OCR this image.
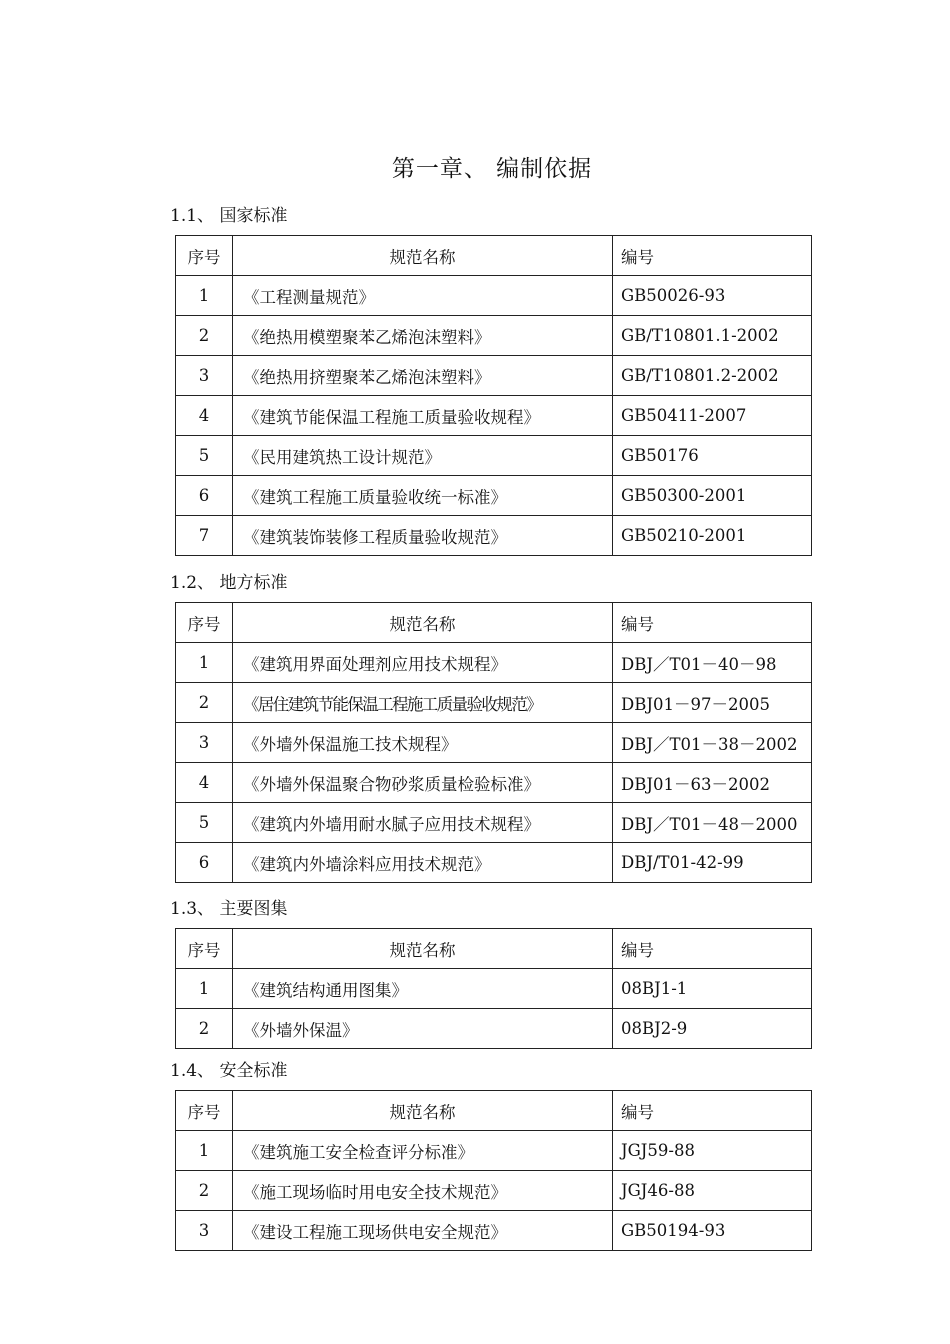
第一章、 编制依据
1.1、 国家标准
序号	规范名称	编号
1	《工程测量规范》	GB50026-93
2	《绝热用模塑聚苯乙烯泡沫塑料》	GB/T10801.1-2002
3	《绝热用挤塑聚苯乙烯泡沫塑料》	GB/T10801.2-2002
4	《建筑节能保温工程施工质量验收规程》	GB50411-2007
5	《民用建筑热工设计规范》	GB50176
6	《建筑工程施工质量验收统一标准》	GB50300-2001
7	《建筑装饰装修工程质量验收规范》	GB50210-2001
1.2、 地方标准
序号	规范名称	编号
1	《建筑用界面处理剂应用技术规程》	DBJ／T01－40－98
2	《居住建筑节能保温工程施工质量验收规范》	DBJ01－97－2005
3	《外墙外保温施工技术规程》	DBJ／T01－38－2002
4	《外墙外保温聚合物砂浆质量检验标准》	DBJ01－63－2002
5	《建筑内外墙用耐水腻子应用技术规程》	DBJ／T01－48－2000
6	《建筑内外墙涂料应用技术规范》	DBJ/T01-42-99
1.3、 主要图集
序号	规范名称	编号
1	《建筑结构通用图集》	08BJ1-1
2	《外墙外保温》	08BJ2-9
1.4、 安全标准
序号	规范名称	编号
1	《建筑施工安全检查评分标准》	JGJ59-88
2	《施工现场临时用电安全技术规范》	JGJ46-88
3	《建设工程施工现场供电安全规范》	GB50194-93
